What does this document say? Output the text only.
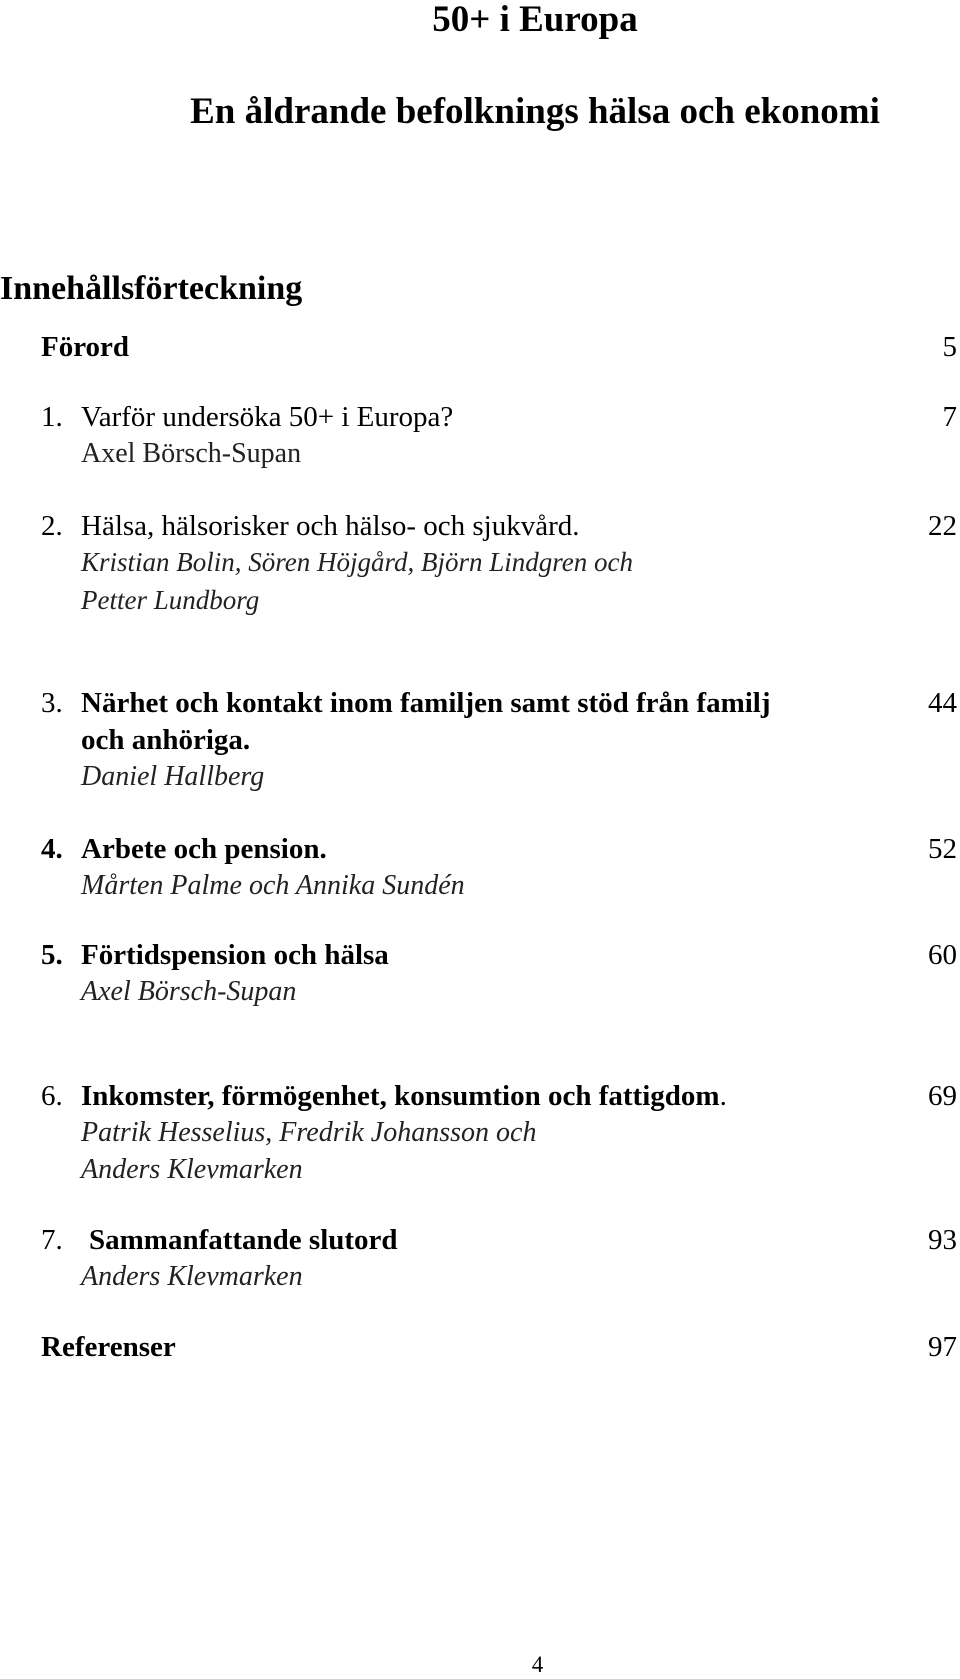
50+ i Europa
En åldrande befolknings hälsa och ekonomi
Innehållsförteckning
Förord	5
1. Varför undersöka 50+ i Europa?
Axel Börsch-Supan
7
2. Hälsa, hälsorisker och hälso- och sjukvård.
Kristian Bolin, Sören Höjgård, Björn Lindgren och
Petter Lundborg
22
3. Närhet och kontakt inom familjen samt stöd från familj
och anhöriga.
Daniel Hallberg
44
4. Arbete och pension.
Mårten Palme och Annika Sundén
52
5. Förtidspension och hälsa
Axel Börsch-Supan
60
6. Inkomster, förmögenhet, konsumtion och fattigdom.
Patrik Hesselius, Fredrik Johansson och
Anders Klevmarken
69
7. Sammanfattande slutord
Anders Klevmarken
93
Referenser	97
4
